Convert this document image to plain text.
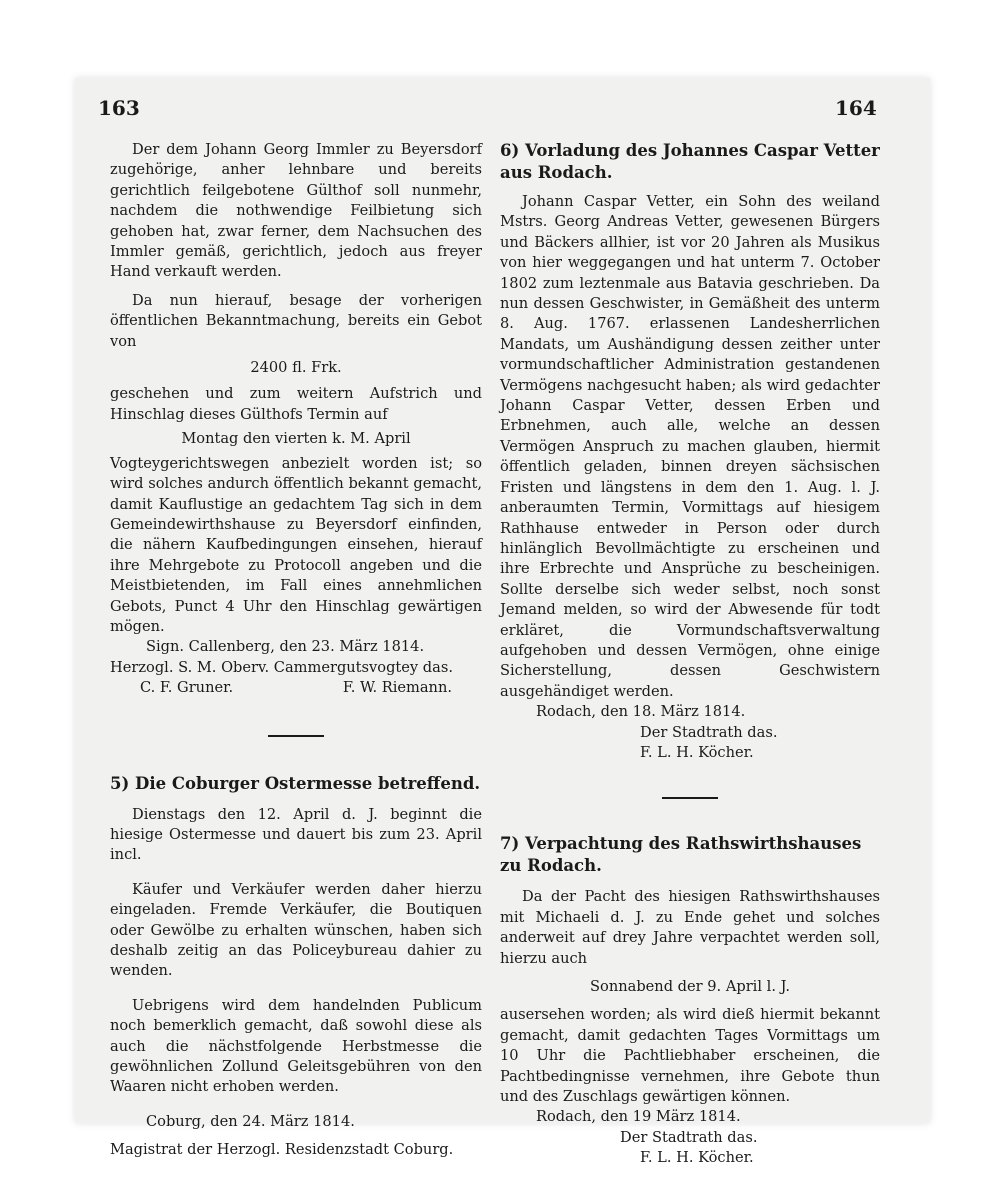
163	164

Der dem Johann Georg Immler zu Beyersdorf zugehörige, anher lehnbare und bereits gerichtlich feilgebotene Gülthof soll nunmehr, nachdem die nothwendige Feilbietung sich gehoben hat, zwar ferner, dem Nachsuchen des Immler gemäß, gerichtlich, jedoch aus freyer Hand verkauft werden.

Da nun hierauf, besage der vorherigen öffentlichen Bekanntmachung, bereits ein Gebot von

2400 fl. Frk.

geschehen und zum weitern Aufstrich und Hinschlag dieses Gülthofs Termin auf

Montag den vierten k. M. April

Vogteygerichtswegen anbezielt worden ist; so wird solches andurch öffentlich bekannt gemacht, damit Kauflustige an gedachtem Tag sich in dem Gemeindewirthshause zu Beyersdorf einfinden, die nähern Kaufbedingungen einsehen, hierauf ihre Mehrgebote zu Protocoll angeben und die Meistbietenden, im Fall eines annehmlichen Gebots, Punct 4 Uhr den Hinschlag gewärtigen mögen.

Sign. Callenberg, den 23. März 1814.

Herzogl. S. M. Oberv. Cammergutsvogtey das.

C. F. Gruner.	F. W. Riemann.

5) Die Coburger Ostermesse betreffend.

Dienstags den 12. April d. J. beginnt die hiesige Ostermesse und dauert bis zum 23. April incl.

Käufer und Verkäufer werden daher hierzu eingeladen. Fremde Verkäufer, die Boutiquen oder Gewölbe zu erhalten wünschen, haben sich deshalb zeitig an das Policeybureau dahier zu wenden.

Uebrigens wird dem handelnden Publicum noch bemerklich gemacht, daß sowohl diese als auch die nächstfolgende Herbstmesse die gewöhnlichen Zollund Geleitsgebühren von den Waaren nicht erhoben werden.

Coburg, den 24. März 1814.

Magistrat der Herzogl. Residenzstadt Coburg.

6) Vorladung des Johannes Caspar Vetter aus Rodach.

Johann Caspar Vetter, ein Sohn des weiland Mstrs. Georg Andreas Vetter, gewesenen Bürgers und Bäckers allhier, ist vor 20 Jahren als Musikus von hier weggegangen und hat unterm 7. October 1802 zum leztenmale aus Batavia geschrieben. Da nun dessen Geschwister, in Gemäßheit des unterm 8. Aug. 1767. erlassenen Landesherrlichen Mandats, um Aushändigung dessen zeither unter vormundschaftlicher Administration gestandenen Vermögens nachgesucht haben; als wird gedachter Johann Caspar Vetter, dessen Erben und Erbnehmen, auch alle, welche an dessen Vermögen Anspruch zu machen glauben, hiermit öffentlich geladen, binnen dreyen sächsischen Fristen und längstens in dem den 1. Aug. l. J. anberaumten Termin, Vormittags auf hiesigem Rathhause entweder in Person oder durch hinlänglich Bevollmächtigte zu erscheinen und ihre Erbrechte und Ansprüche zu bescheinigen. Sollte derselbe sich weder selbst, noch sonst Jemand melden, so wird der Abwesende für todt erkläret, die Vormundschaftsverwaltung aufgehoben und dessen Vermögen, ohne einige Sicherstellung, dessen Geschwistern ausgehändiget werden.

Rodach, den 18. März 1814.

Der Stadtrath das.

F. L. H. Köcher.

7) Verpachtung des Rathswirthshauses zu Rodach.

Da der Pacht des hiesigen Rathswirthshauses mit Michaeli d. J. zu Ende gehet und solches anderweit auf drey Jahre verpachtet werden soll, hierzu auch

Sonnabend der 9. April l. J.

ausersehen worden; als wird dieß hiermit bekannt gemacht, damit gedachten Tages Vormittags um 10 Uhr die Pachtliebhaber erscheinen, die Pachtbedingnisse vernehmen, ihre Gebote thun und des Zuschlags gewärtigen können.

Rodach, den 19 März 1814.

Der Stadtrath das.

F. L. H. Köcher.
